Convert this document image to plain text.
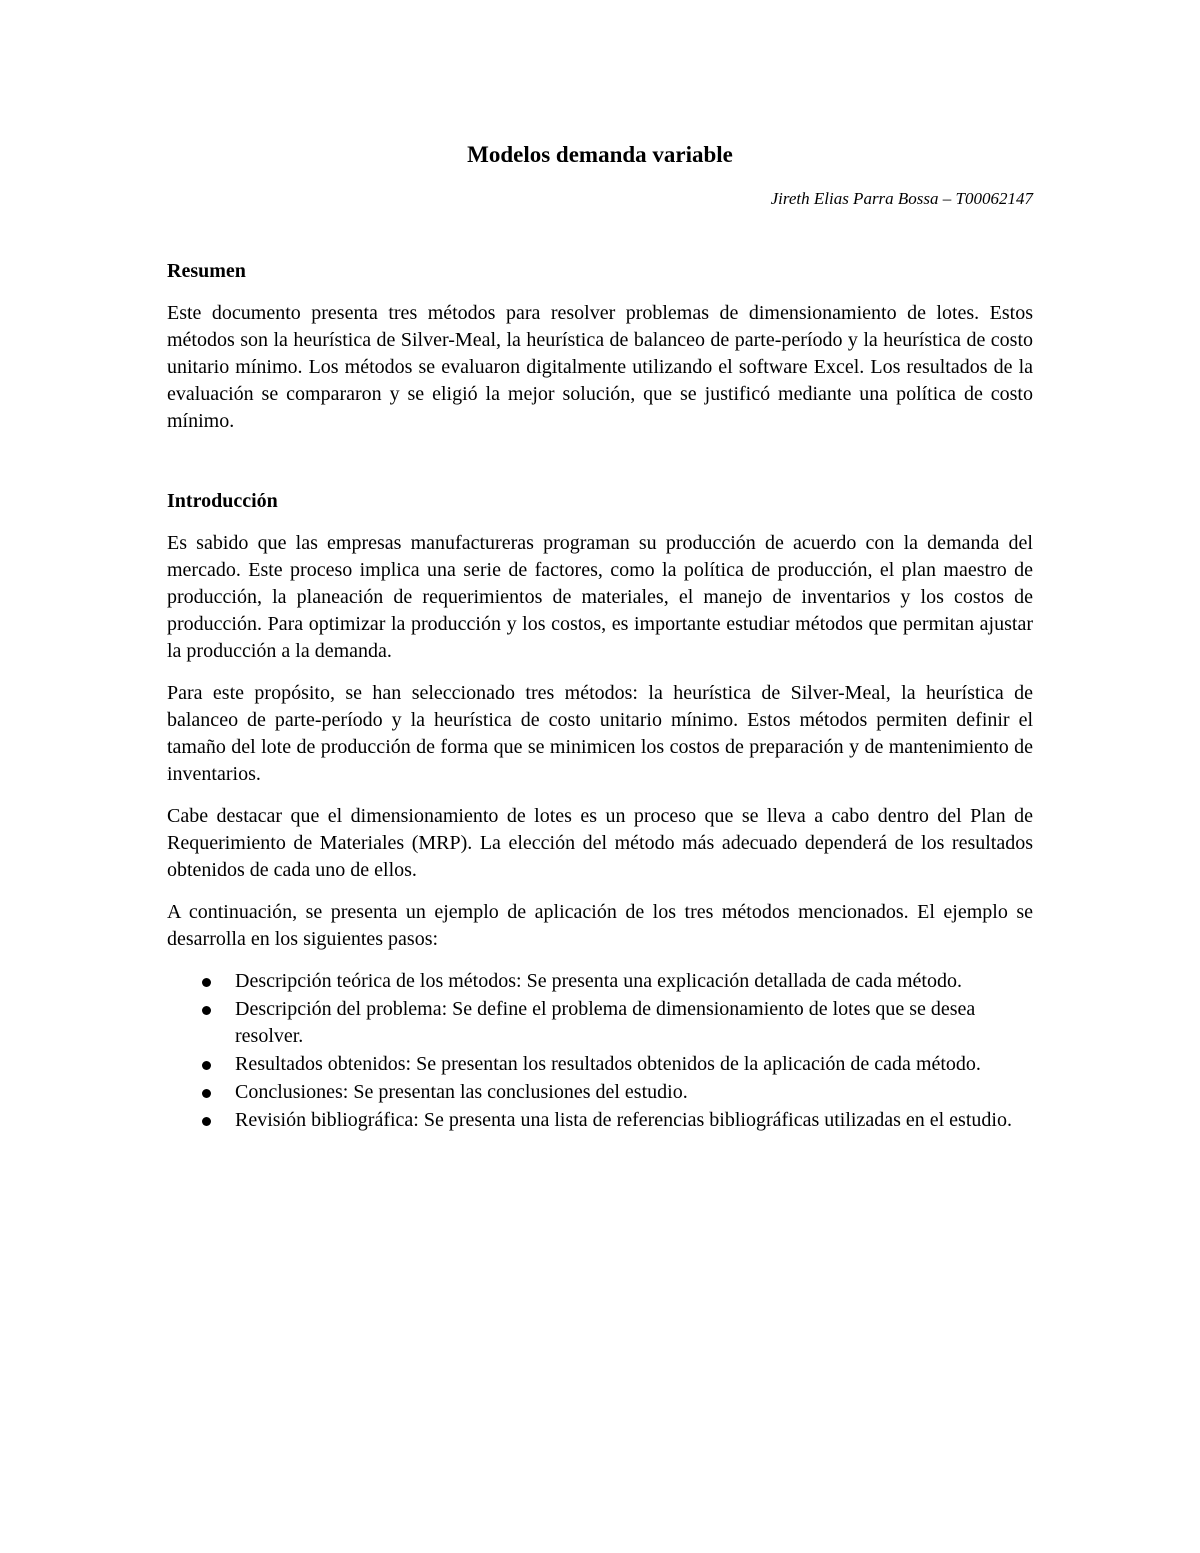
Modelos demanda variable
Jireth Elias Parra Bossa – T00062147
Resumen

Este documento presenta tres métodos para resolver problemas de dimensionamiento de lotes. Estos métodos son la heurística de Silver-Meal, la heurística de balanceo de parte-período y la heurística de costo unitario mínimo. Los métodos se evaluaron digitalmente utilizando el software Excel. Los resultados de la evaluación se compararon y se eligió la mejor solución, que se justificó mediante una política de costo mínimo.

Introducción

Es sabido que las empresas manufactureras programan su producción de acuerdo con la demanda del mercado. Este proceso implica una serie de factores, como la política de producción, el plan maestro de producción, la planeación de requerimientos de materiales, el manejo de inventarios y los costos de producción. Para optimizar la producción y los costos, es importante estudiar métodos que permitan ajustar la producción a la demanda.

Para este propósito, se han seleccionado tres métodos: la heurística de Silver-Meal, la heurística de balanceo de parte-período y la heurística de costo unitario mínimo. Estos métodos permiten definir el tamaño del lote de producción de forma que se minimicen los costos de preparación y de mantenimiento de inventarios.

Cabe destacar que el dimensionamiento de lotes es un proceso que se lleva a cabo dentro del Plan de Requerimiento de Materiales (MRP). La elección del método más adecuado dependerá de los resultados obtenidos de cada uno de ellos.

A continuación, se presenta un ejemplo de aplicación de los tres métodos mencionados. El ejemplo se desarrolla en los siguientes pasos:

Descripción teórica de los métodos: Se presenta una explicación detallada de cada método.
Descripción del problema: Se define el problema de dimensionamiento de lotes que se desea resolver.
Resultados obtenidos: Se presentan los resultados obtenidos de la aplicación de cada método.
Conclusiones: Se presentan las conclusiones del estudio.
Revisión bibliográfica: Se presenta una lista de referencias bibliográficas utilizadas en el estudio.
